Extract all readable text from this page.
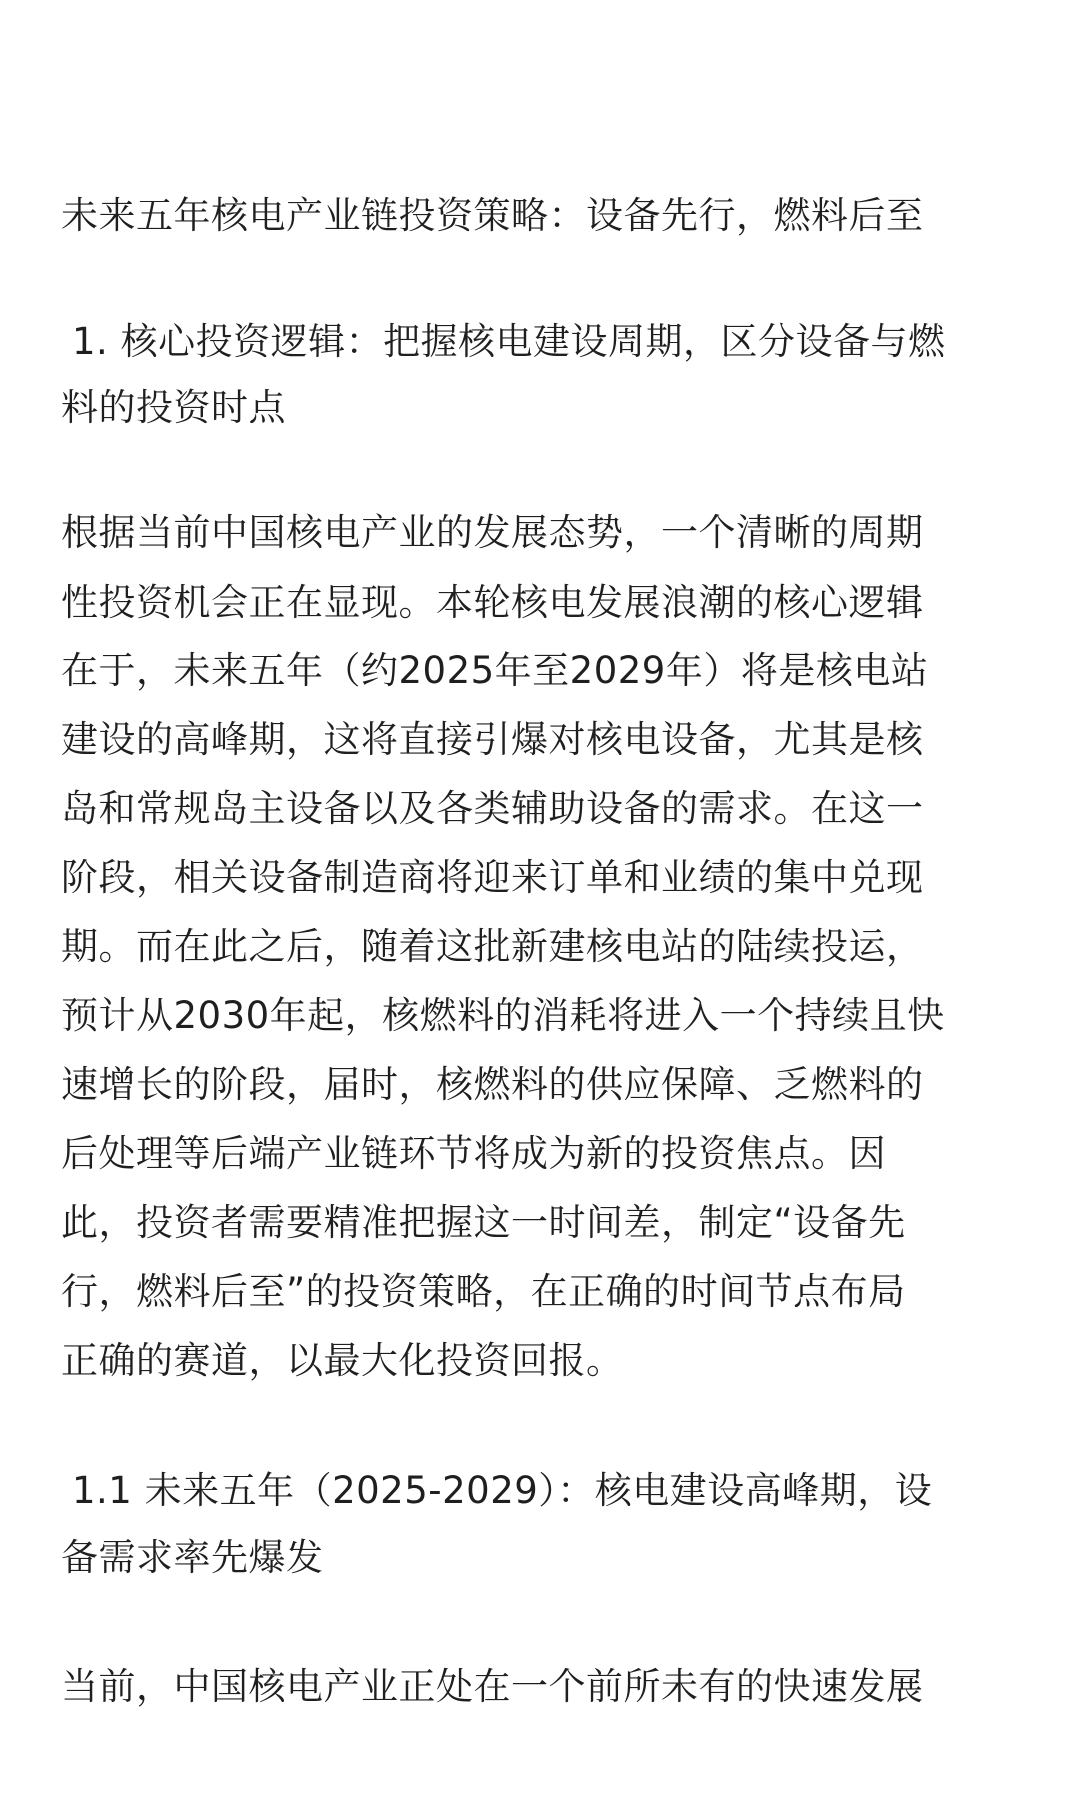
未来五年核电产业链投资策略：设备先行，燃料后至

1. 核心投资逻辑：把握核电建设周期，区分设备与燃

料的投资时点

根据当前中国核电产业的发展态势，一个清晰的周期

性投资机会正在显现。本轮核电发展浪潮的核心逻辑

在于，未来五年（约2025年至2029年）将是核电站

建设的高峰期，这将直接引爆对核电设备，尤其是核

岛和常规岛主设备以及各类辅助设备的需求。在这一

阶段，相关设备制造商将迎来订单和业绩的集中兑现

期。而在此之后，随着这批新建核电站的陆续投运，

预计从2030年起，核燃料的消耗将进入一个持续且快

速增长的阶段，届时，核燃料的供应保障、乏燃料的

后处理等后端产业链环节将成为新的投资焦点。因

此，投资者需要精准把握这一时间差，制定“设备先

行，燃料后至”的投资策略，在正确的时间节点布局

正确的赛道，以最大化投资回报。

1.1 未来五年（2025-2029）：核电建设高峰期，设

备需求率先爆发

当前，中国核电产业正处在一个前所未有的快速发展
